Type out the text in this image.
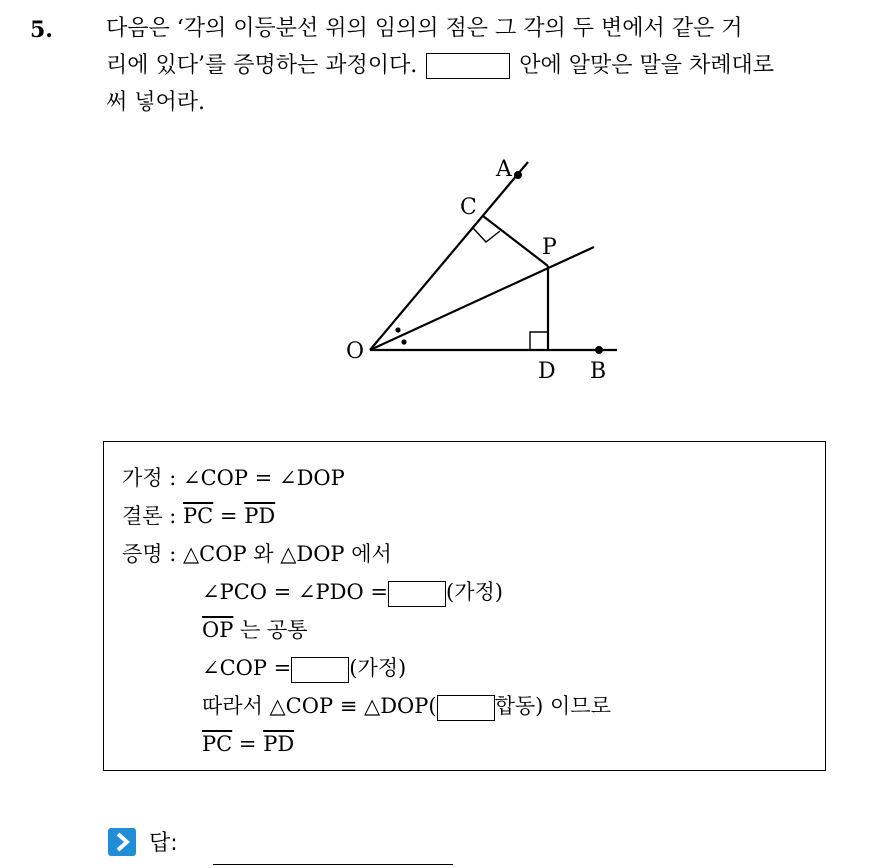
5. 다음은 ‘각의 이등분선 위의 임의의 점은 그 각의 두 변에서 같은 거
리에 있다’를 증명하는 과정이다.	안에 알맞은 말을 차례대로
써 넣어라.
A
C
P
O
D B
가정 : ∠COP = ∠DOP
결론 : $\overline{PC} = \overline{PD}$
증명 : △COP 와 △DOP 에서
∠PCO = ∠PDO =	(가정)
$\overline{OP}$ 는 공통
∠COP =	(가정)
따라서 △COP ≡ △DOP(	합동) 이므로
$\overline{PC} = \overline{PD}$
답:
